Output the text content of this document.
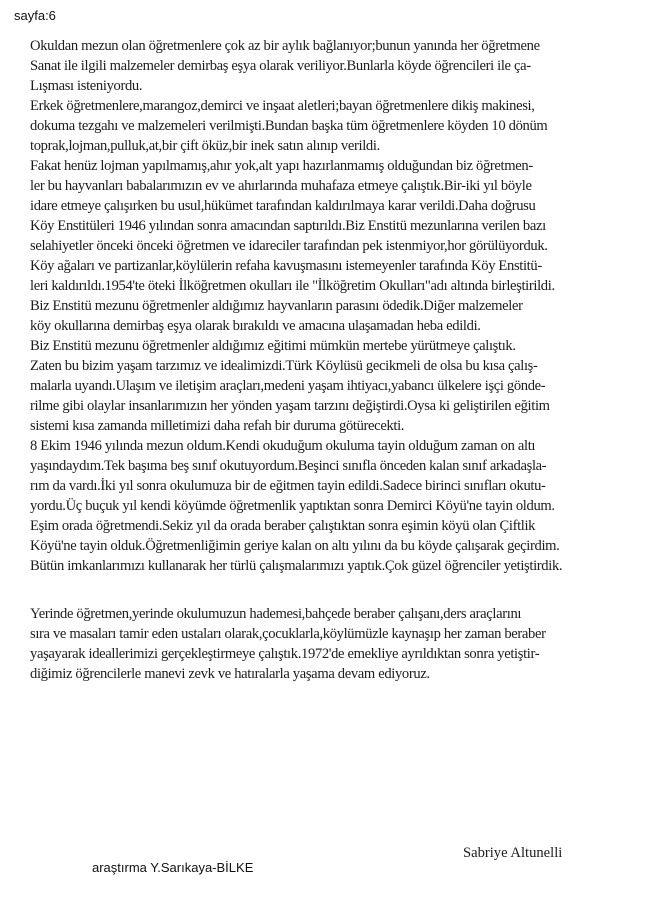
sayfa:6
Okuldan mezun olan öğretmenlere çok az bir aylık bağlanıyor;bunun yanında her öğretmene
Sanat ile ilgili malzemeler demirbaş eşya olarak veriliyor.Bunlarla köyde öğrencileri ile ça-
Lışması isteniyordu.
Erkek öğretmenlere,marangoz,demirci ve inşaat aletleri;bayan öğretmenlere dikiş makinesi,
dokuma tezgahı ve malzemeleri verilmişti.Bundan başka tüm öğretmenlere köyden 10 dönüm
toprak,lojman,pulluk,at,bir çift öküz,bir inek satın alınıp verildi.
Fakat henüz lojman yapılmamış,ahır yok,alt yapı hazırlanmamış olduğundan biz öğretmen-
ler bu hayvanları babalarımızın ev ve ahırlarında muhafaza etmeye çalıştık.Bir-iki yıl böyle
idare etmeye çalışırken bu usul,hükümet tarafından kaldırılmaya karar verildi.Daha doğrusu
Köy Enstitüleri 1946 yılından sonra amacından saptırıldı.Biz Enstitü mezunlarına verilen bazı
selahiyetler önceki önceki öğretmen ve idareciler tarafından pek istenmiyor,hor görülüyorduk.
Köy ağaları ve partizanlar,köylülerin refaha kavuşmasını istemeyenler tarafında Köy Enstitü-
leri kaldırıldı.1954'te öteki İlköğretmen okulları ile "İlköğretim Okulları"adı altında birleştirildi.
Biz Enstitü mezunu öğretmenler aldığımız hayvanların parasını ödedik.Diğer malzemeler
köy okullarına demirbaş eşya olarak bırakıldı ve amacına ulaşamadan heba edildi.
Biz Enstitü mezunu öğretmenler aldığımız eğitimi mümkün mertebe yürütmeye çalıştık.
Zaten bu bizim yaşam tarzımız ve idealimizdi.Türk Köylüsü gecikmeli de olsa bu kısa çalış-
malarla uyandı.Ulaşım ve iletişim araçları,medeni yaşam ihtiyacı,yabancı ülkelere işçi gönde-
rilme gibi olaylar insanlarımızın her yönden yaşam tarzını değiştirdi.Oysa ki geliştirilen eğitim
sistemi kısa zamanda milletimizi daha refah bir duruma götürecekti.
8 Ekim 1946 yılında mezun oldum.Kendi okuduğum okuluma tayin olduğum zaman on altı
yaşındaydım.Tek başıma beş sınıf okutuyordum.Beşinci sınıfla önceden kalan sınıf arkadaşla-
rım da vardı.İki yıl sonra okulumuza bir de eğitmen tayin edildi.Sadece birinci sınıfları okutu-
yordu.Üç buçuk yıl kendi köyümde öğretmenlik yaptıktan sonra Demirci Köyü'ne tayin oldum.
Eşim orada öğretmendi.Sekiz yıl da orada beraber çalıştıktan sonra eşimin köyü olan Çiftlik
Köyü'ne tayin olduk.Öğretmenliğimin geriye kalan on altı yılını da bu köyde çalışarak geçirdim.
Bütün imkanlarımızı kullanarak her türlü çalışmalarımızı yaptık.Çok güzel öğrenciler yetiştirdik.
Yerinde öğretmen,yerinde okulumuzun hademesi,bahçede beraber çalışanı,ders araçlarını
sıra ve masaları tamir eden ustaları olarak,çocuklarla,köylümüzle kaynaşıp her zaman beraber
yaşayarak ideallerimizi gerçekleştirmeye çalıştık.1972'de emekliye ayrıldıktan sonra yetiştir-
diğimiz öğrencilerle manevi zevk ve hatıralarla yaşama devam ediyoruz.
Sabriye Altunelli
araştırma Y.Sarıkaya-BİLKE
